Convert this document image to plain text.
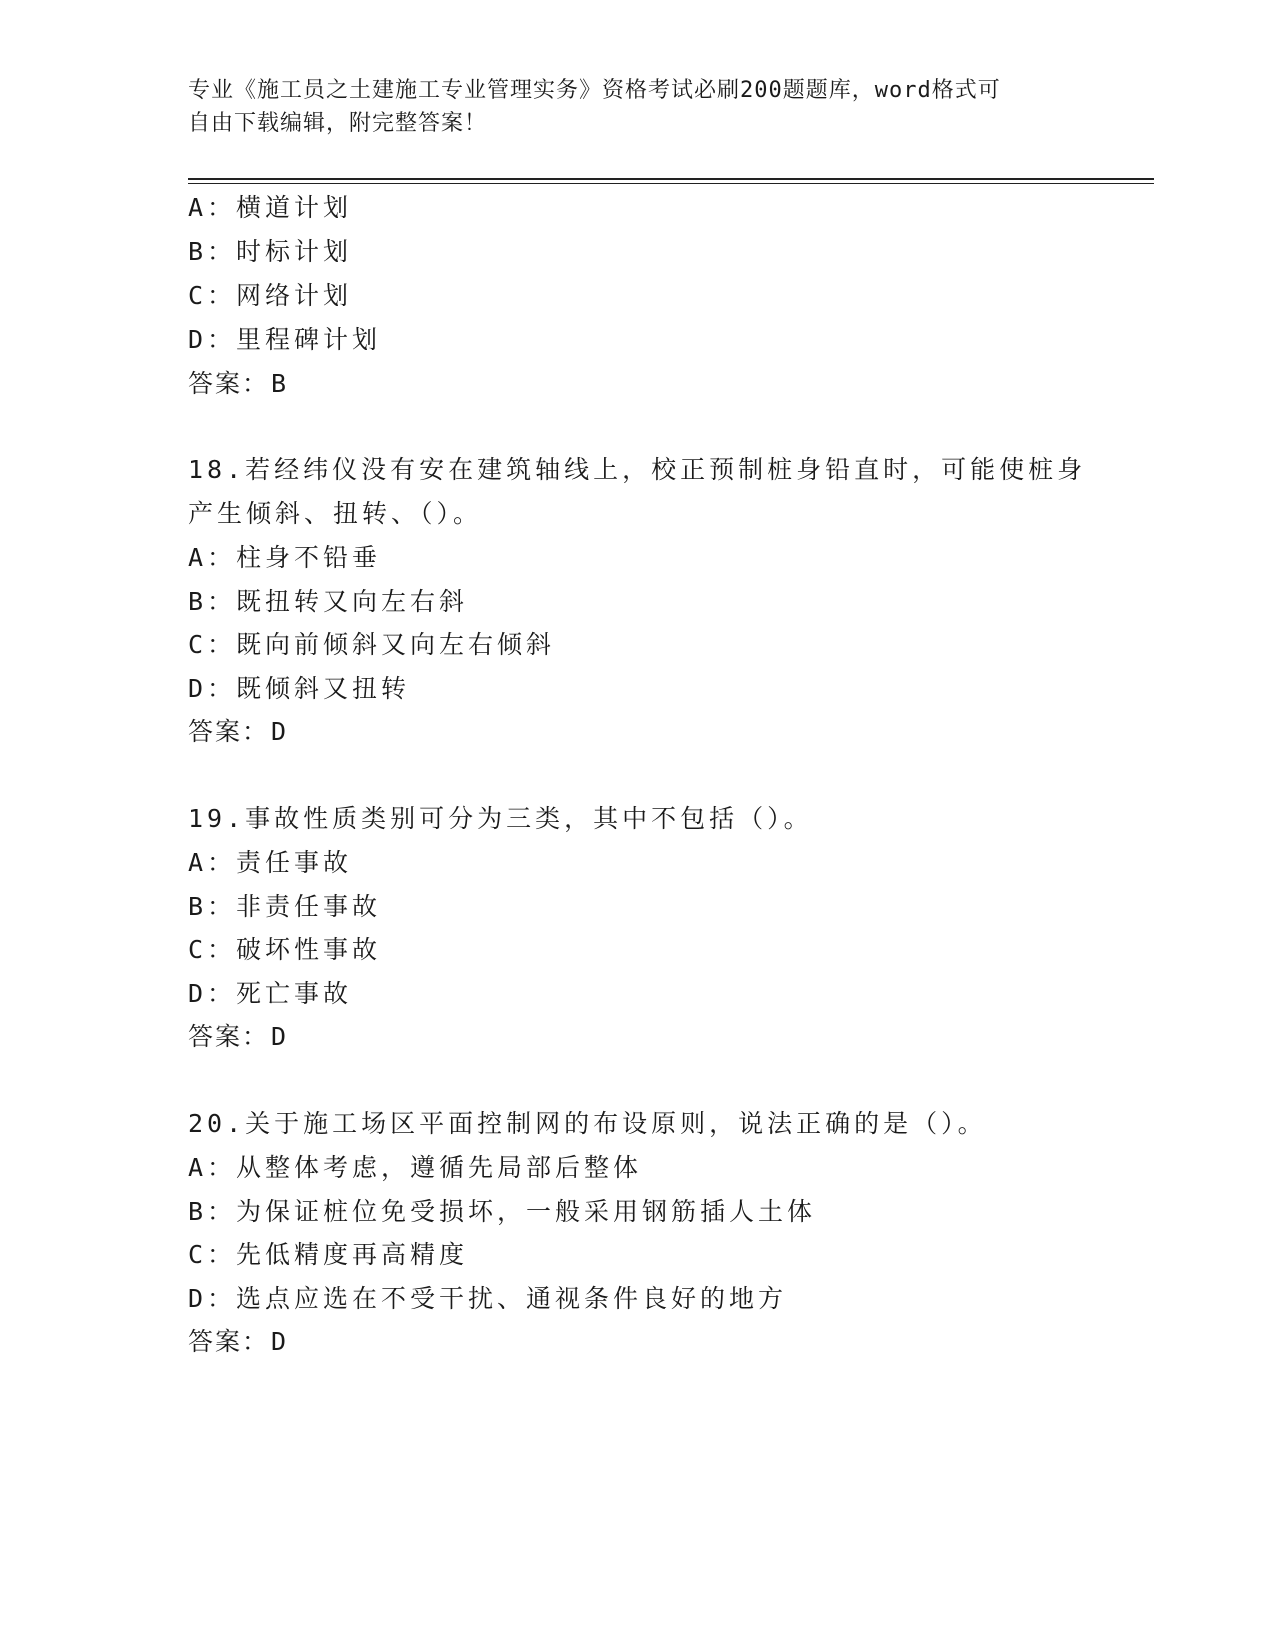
专业《施工员之土建施工专业管理实务》资格考试必刷200题题库，word格式可
自由下载编辑，附完整答案！
A：横道计划
B：时标计划
C：网络计划
D：里程碑计划
答案：B
18.若经纬仪没有安在建筑轴线上，校正预制桩身铅直时，可能使桩身
产生倾斜、扭转、（）。
A：柱身不铅垂
B：既扭转又向左右斜
C：既向前倾斜又向左右倾斜
D：既倾斜又扭转
答案：D
19.事故性质类别可分为三类，其中不包括（）。
A：责任事故
B：非责任事故
C：破坏性事故
D：死亡事故
答案：D
20.关于施工场区平面控制网的布设原则，说法正确的是（）。
A：从整体考虑，遵循先局部后整体
B：为保证桩位免受损坏，一般采用钢筋插人土体
C：先低精度再高精度
D：选点应选在不受干扰、通视条件良好的地方
答案：D
